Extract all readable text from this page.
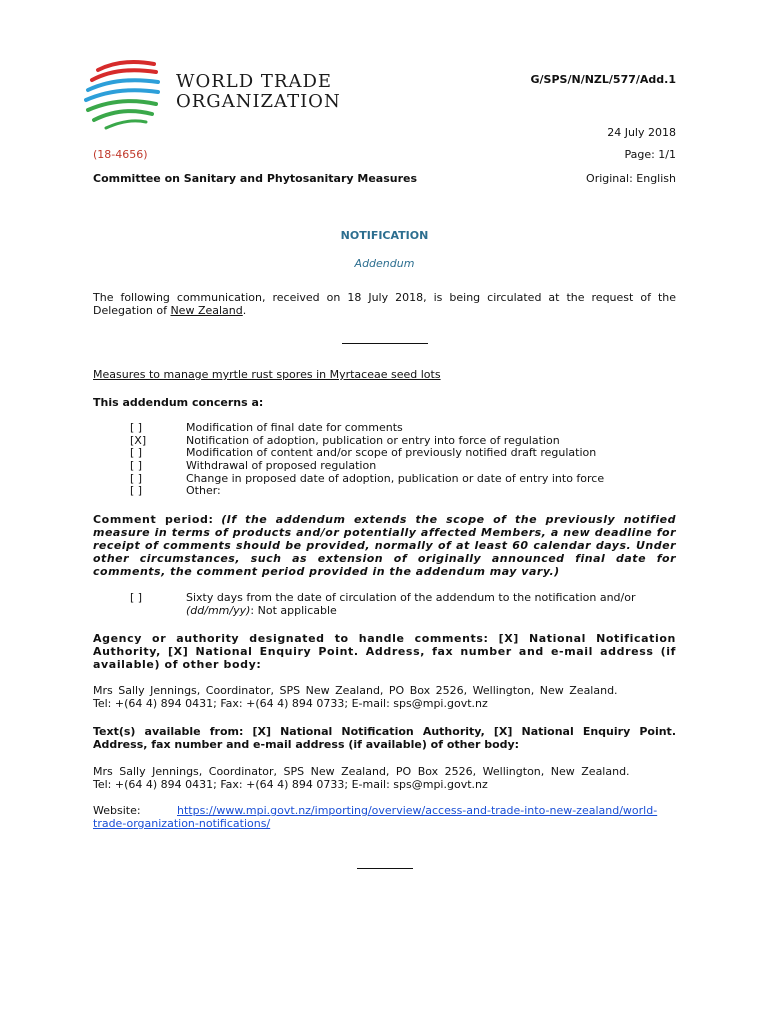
WORLD TRADE
ORGANIZATION
G/SPS/N/NZL/577/Add.1
24 July 2018
(18-4656)	Page: 1/1
Committee on Sanitary and Phytosanitary Measures	Original: English
NOTIFICATION
Addendum
The following communication, received on 18 July 2018, is being circulated at the request of the Delegation of New Zealand.
Measures to manage myrtle rust spores in Myrtaceae seed lots
This addendum concerns a:
[ ]	Modification of final date for comments
[X]	Notification of adoption, publication or entry into force of regulation
[ ]	Modification of content and/or scope of previously notified draft regulation
[ ]	Withdrawal of proposed regulation
[ ]	Change in proposed date of adoption, publication or date of entry into force
[ ]	Other:
Comment period: (If the addendum extends the scope of the previously notified measure in terms of products and/or potentially affected Members, a new deadline for receipt of comments should be provided, normally of at least 60 calendar days. Under other circumstances, such as extension of originally announced final date for comments, the comment period provided in the addendum may vary.)
[ ]	Sixty days from the date of circulation of the addendum to the notification and/or (dd/mm/yy): Not applicable
Agency or authority designated to handle comments: [X] National Notification Authority, [X] National Enquiry Point. Address, fax number and e-mail address (if available) of other body:
Mrs Sally Jennings, Coordinator, SPS New Zealand, PO Box 2526, Wellington, New Zealand.
Tel: +(64 4) 894 0431; Fax: +(64 4) 894 0733; E-mail: sps@mpi.govt.nz
Text(s) available from: [X] National Notification Authority, [X] National Enquiry Point. Address, fax number and e-mail address (if available) of other body:
Mrs Sally Jennings, Coordinator, SPS New Zealand, PO Box 2526, Wellington, New Zealand.
Tel: +(64 4) 894 0431; Fax: +(64 4) 894 0733; E-mail: sps@mpi.govt.nz
Website:	https://www.mpi.govt.nz/importing/overview/access-and-trade-into-new-zealand/world-
trade-organization-notifications/
